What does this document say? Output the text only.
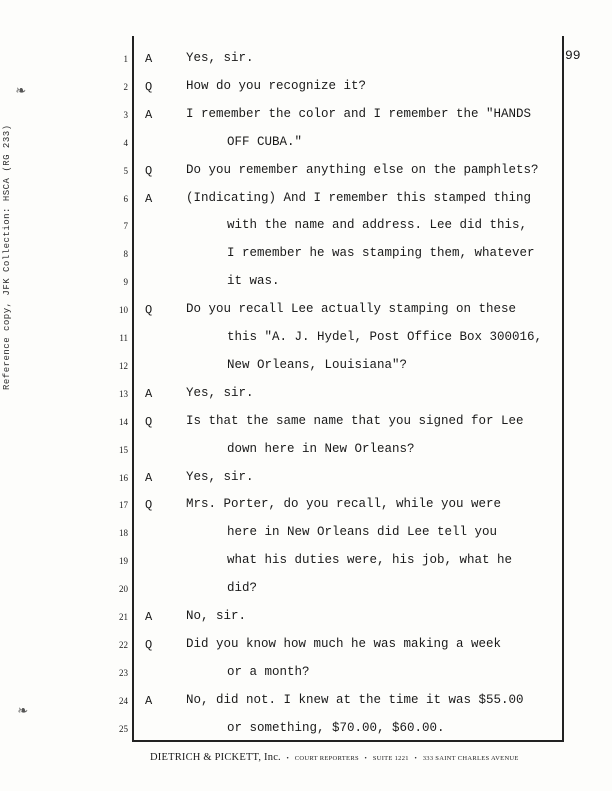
99
Reference copy, JFK Collection: HSCA (RG 233)
❧
❧
1 A	Yes, sir.
2 Q	How do you recognize it?
3 A	I remember the color and I remember the "HANDS
4	OFF CUBA."
5 Q	Do you remember anything else on the pamphlets?
6 A	(Indicating) And I remember this stamped thing
7	with the name and address. Lee did this,
8	I remember he was stamping them, whatever
9	it was.
10 Q	Do you recall Lee actually stamping on these
11	this "A. J. Hydel, Post Office Box 300016,
12	New Orleans, Louisiana"?
13 A	Yes, sir.
14 Q	Is that the same name that you signed for Lee
15	down here in New Orleans?
16 A	Yes, sir.
17 Q	Mrs. Porter, do you recall, while you were
18	here in New Orleans did Lee tell you
19	what his duties were, his job, what he
20	did?
21 A	No, sir.
22 Q	Did you know how much he was making a week
23	or a month?
24 A	No, did not. I knew at the time it was $55.00
25	or something, $70.00, $60.00.
DIETRICH & PICKETT, Inc. • COURT REPORTERS • SUITE 1221 • 333 SAINT CHARLES AVENUE
